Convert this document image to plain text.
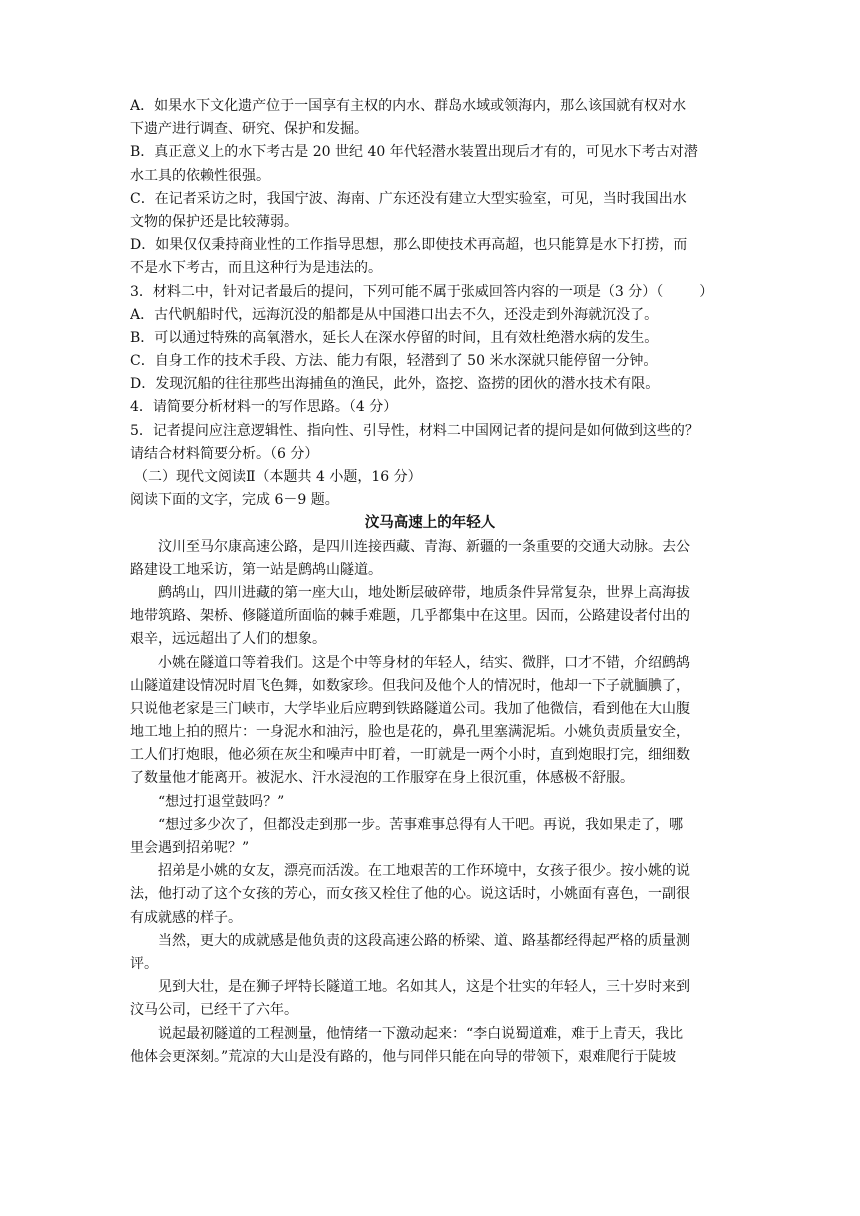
A．如果水下文化遗产位于一国享有主权的内水、群岛水域或领海内，那么该国就有权对水
下遗产进行调查、研究、保护和发掘。
B．真正意义上的水下考古是 20 世纪 40 年代轻潜水装置出现后才有的，可见水下考古对潜
水工具的依赖性很强。
C．在记者采访之时，我国宁波、海南、广东还没有建立大型实验室，可见，当时我国出水
文物的保护还是比较薄弱。
D．如果仅仅秉持商业性的工作指导思想，那么即使技术再高超，也只能算是水下打捞，而
不是水下考古，而且这种行为是违法的。
3．材料二中，针对记者最后的提问，下列可能不属于张威回答内容的一项是（3 分）（	）
A．古代帆船时代，远海沉没的船都是从中国港口出去不久，还没走到外海就沉没了。
B．可以通过特殊的高氧潜水，延长人在深水停留的时间，且有效杜绝潜水病的发生。
C．自身工作的技术手段、方法、能力有限，轻潜到了 50 米水深就只能停留一分钟。
D．发现沉船的往往那些出海捕鱼的渔民，此外，盗挖、盗捞的团伙的潜水技术有限。
4．请简要分析材料一的写作思路。（4 分）
5．记者提问应注意逻辑性、指向性、引导性，材料二中国网记者的提问是如何做到这些的？
请结合材料简要分析。（6 分）
（二）现代文阅读Ⅱ（本题共 4 小题，16 分）
阅读下面的文字，完成 6－9 题。
汶马高速上的年轻人
汶川至马尔康高速公路，是四川连接西藏、青海、新疆的一条重要的交通大动脉。去公
路建设工地采访，第一站是鹧鸪山隧道。
鹧鸪山，四川进藏的第一座大山，地处断层破碎带，地质条件异常复杂，世界上高海拔
地带筑路、架桥、修隧道所面临的棘手难题，几乎都集中在这里。因而，公路建设者付出的
艰辛，远远超出了人们的想象。
小姚在隧道口等着我们。这是个中等身材的年轻人，结实、微胖，口才不错，介绍鹧鸪
山隧道建设情况时眉飞色舞，如数家珍。但我问及他个人的情况时，他却一下子就腼腆了，
只说他老家是三门峡市，大学毕业后应聘到铁路隧道公司。我加了他微信，看到他在大山腹
地工地上拍的照片：一身泥水和油污，脸也是花的，鼻孔里塞满泥垢。小姚负责质量安全，
工人们打炮眼，他必须在灰尘和噪声中盯着，一盯就是一两个小时，直到炮眼打完，细细数
了数量他才能离开。被泥水、汗水浸泡的工作服穿在身上很沉重，体感极不舒服。
“想过打退堂鼓吗？”
“想过多少次了，但都没走到那一步。苦事难事总得有人干吧。再说，我如果走了，哪
里会遇到招弟呢？”
招弟是小姚的女友，漂亮而活泼。在工地艰苦的工作环境中，女孩子很少。按小姚的说
法，他打动了这个女孩的芳心，而女孩又栓住了他的心。说这话时，小姚面有喜色，一副很
有成就感的样子。
当然，更大的成就感是他负责的这段高速公路的桥梁、道、路基都经得起严格的质量测
评。
见到大壮，是在狮子坪特长隧道工地。名如其人，这是个壮实的年轻人，三十岁时来到
汶马公司，已经干了六年。
说起最初隧道的工程测量，他情绪一下激动起来：“李白说蜀道难，难于上青天，我比
他体会更深刻。”荒凉的大山是没有路的，他与同伴只能在向导的带领下，艰难爬行于陡坡
